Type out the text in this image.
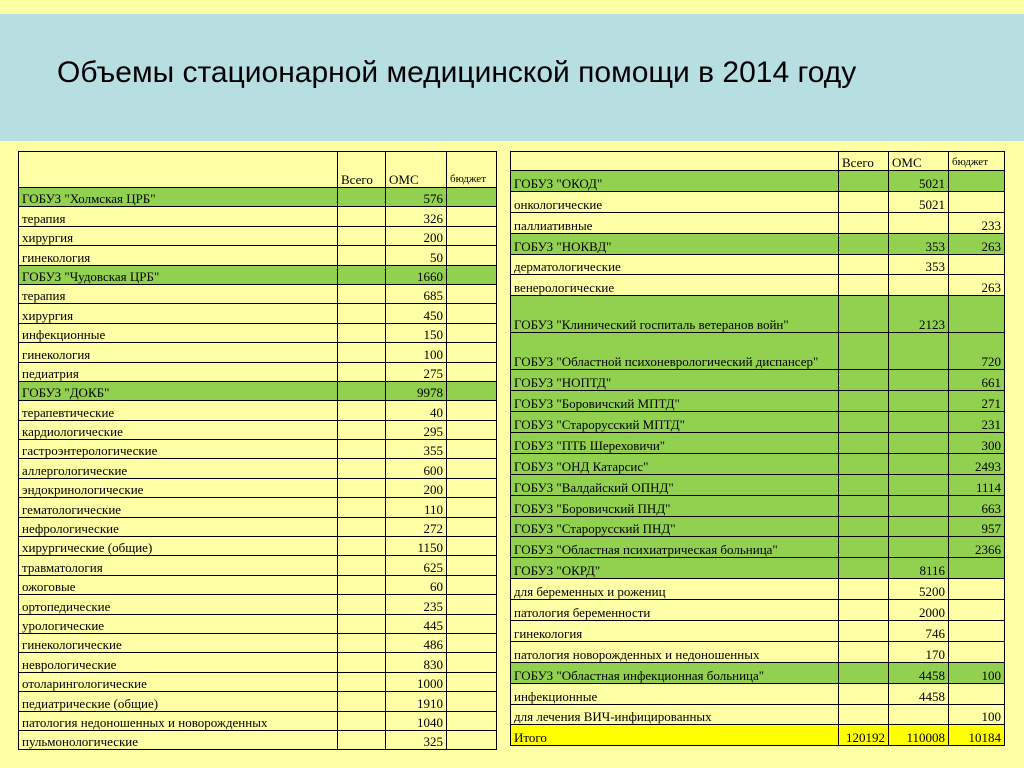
Объемы стационарной медицинской помощи в 2014 году
	Всего	ОМС	бюджет
ГОБУЗ "Холмская ЦРБ"		576	
терапия		326	
хирургия		200	
гинекология		50	
ГОБУЗ "Чудовская ЦРБ"		1660	
терапия		685	
хирургия		450	
инфекционные		150	
гинекология		100	
педиатрия		275	
ГОБУЗ "ДОКБ"		9978	
терапевтические		40	
кардиологические		295	
гастроэнтерологические		355	
аллергологические		600	
эндокринологические		200	
гематологические		110	
нефрологические		272	
хирургические (общие)		1150	
травматология		625	
ожоговые		60	
ортопедические		235	
урологические		445	
гинекологические		486	
неврологические		830	
отоларингологические		1000	
педиатрические (общие)		1910	
патология недоношенных и новорожденных		1040	
пульмонологические		325	
	Всего	ОМС	бюджет
ГОБУЗ "ОКОД"		5021	
онкологические		5021	
паллиативные			233
ГОБУЗ "НОКВД"		353	263
дерматологические		353	
венерологические			263
ГОБУЗ "Клинический госпиталь ветеранов войн"		2123	
ГОБУЗ "Областной психоневрологический диспансер"			720
ГОБУЗ "НОПТД"			661
ГОБУЗ "Боровичский МПТД"			271
ГОБУЗ "Старорусский МПТД"			231
ГОБУЗ "ПТБ Шереховичи"			300
ГОБУЗ "ОНД Катарсис"			2493
ГОБУЗ "Валдайский ОПНД"			1114
ГОБУЗ "Боровичский ПНД"			663
ГОБУЗ "Старорусский ПНД"			957
ГОБУЗ "Областная психиатрическая больница"			2366
ГОБУЗ "ОКРД"		8116	
для беременных и рожениц		5200	
патология беременности		2000	
гинекология		746	
патология новорожденных и недоношенных		170	
ГОБУЗ "Областная инфекционная больница"		4458	100
инфекционные		4458	
для лечения ВИЧ-инфицированных			100
Итого	120192	110008	10184
